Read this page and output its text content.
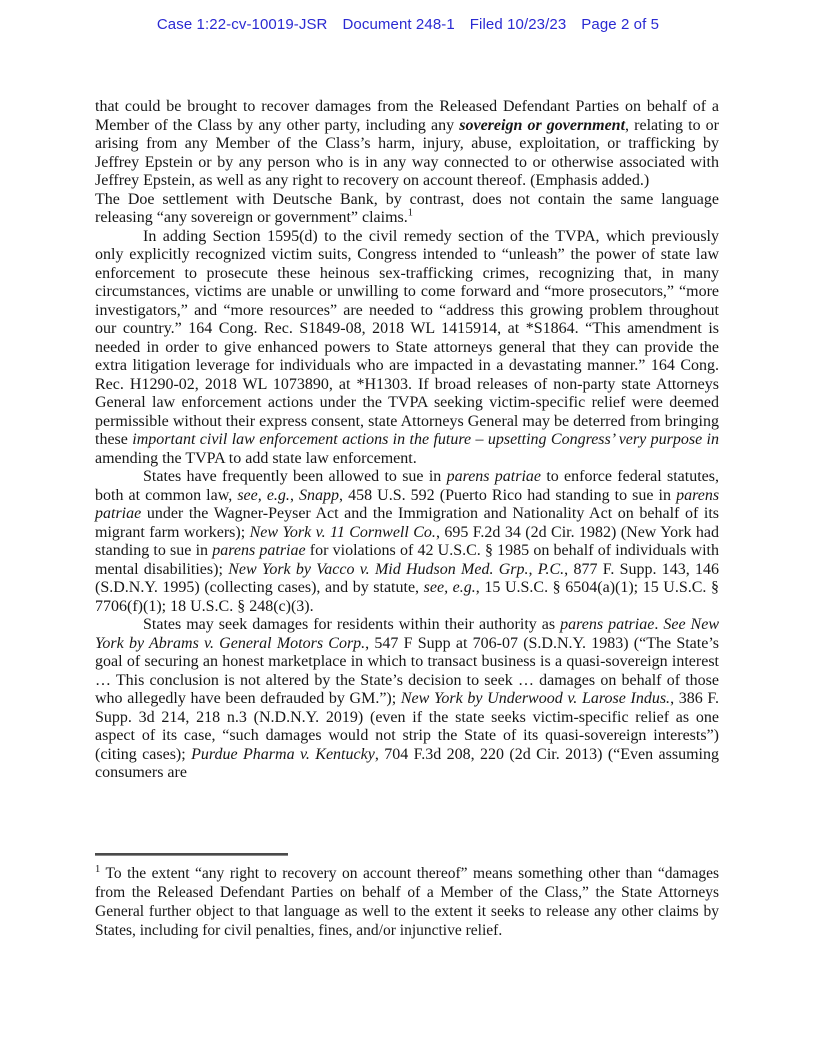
Case 1:22-cv-10019-JSR Document 248-1 Filed 10/23/23 Page 2 of 5

that could be brought to recover damages from the Released Defendant Parties on behalf of a Member of the Class by any other party, including any sovereign or government, relating to or arising from any Member of the Class’s harm, injury, abuse, exploitation, or trafficking by Jeffrey Epstein or by any person who is in any way connected to or otherwise associated with Jeffrey Epstein, as well as any right to recovery on account thereof. (Emphasis added.)

The Doe settlement with Deutsche Bank, by contrast, does not contain the same language releasing “any sovereign or government” claims.$^1$

In adding Section 1595(d) to the civil remedy section of the TVPA, which previously only explicitly recognized victim suits, Congress intended to “unleash” the power of state law enforcement to prosecute these heinous sex-trafficking crimes, recognizing that, in many circumstances, victims are unable or unwilling to come forward and “more prosecutors,” “more investigators,” and “more resources” are needed to “address this growing problem throughout our country.” 164 Cong. Rec. S1849-08, 2018 WL 1415914, at *S1864. “This amendment is needed in order to give enhanced powers to State attorneys general that they can provide the extra litigation leverage for individuals who are impacted in a devastating manner.” 164 Cong. Rec. H1290-02, 2018 WL 1073890, at *H1303. If broad releases of non-party state Attorneys General law enforcement actions under the TVPA seeking victim-specific relief were deemed permissible without their express consent, state Attorneys General may be deterred from bringing these important civil law enforcement actions in the future – upsetting Congress’ very purpose in amending the TVPA to add state law enforcement.

States have frequently been allowed to sue in parens patriae to enforce federal statutes, both at common law, see, e.g., Snapp, 458 U.S. 592 (Puerto Rico had standing to sue in parens patriae under the Wagner-Peyser Act and the Immigration and Nationality Act on behalf of its migrant farm workers); New York v. 11 Cornwell Co., 695 F.2d 34 (2d Cir. 1982) (New York had standing to sue in parens patriae for violations of 42 U.S.C. § 1985 on behalf of individuals with mental disabilities); New York by Vacco v. Mid Hudson Med. Grp., P.C., 877 F. Supp. 143, 146 (S.D.N.Y. 1995) (collecting cases), and by statute, see, e.g., 15 U.S.C. § 6504(a)(1); 15 U.S.C. § 7706(f)(1); 18 U.S.C. § 248(c)(3).

States may seek damages for residents within their authority as parens patriae. See New York by Abrams v. General Motors Corp., 547 F Supp at 706-07 (S.D.N.Y. 1983) (“The State’s goal of securing an honest marketplace in which to transact business is a quasi-sovereign interest … This conclusion is not altered by the State’s decision to seek … damages on behalf of those who allegedly have been defrauded by GM.”); New York by Underwood v. Larose Indus., 386 F. Supp. 3d 214, 218 n.3 (N.D.N.Y. 2019) (even if the state seeks victim-specific relief as one aspect of its case, “such damages would not strip the State of its quasi-sovereign interests”) (citing cases); Purdue Pharma v. Kentucky, 704 F.3d 208, 220 (2d Cir. 2013) (“Even assuming consumers are

$^1$ To the extent “any right to recovery on account thereof” means something other than “damages from the Released Defendant Parties on behalf of a Member of the Class,” the State Attorneys General further object to that language as well to the extent it seeks to release any other claims by States, including for civil penalties, fines, and/or injunctive relief.
